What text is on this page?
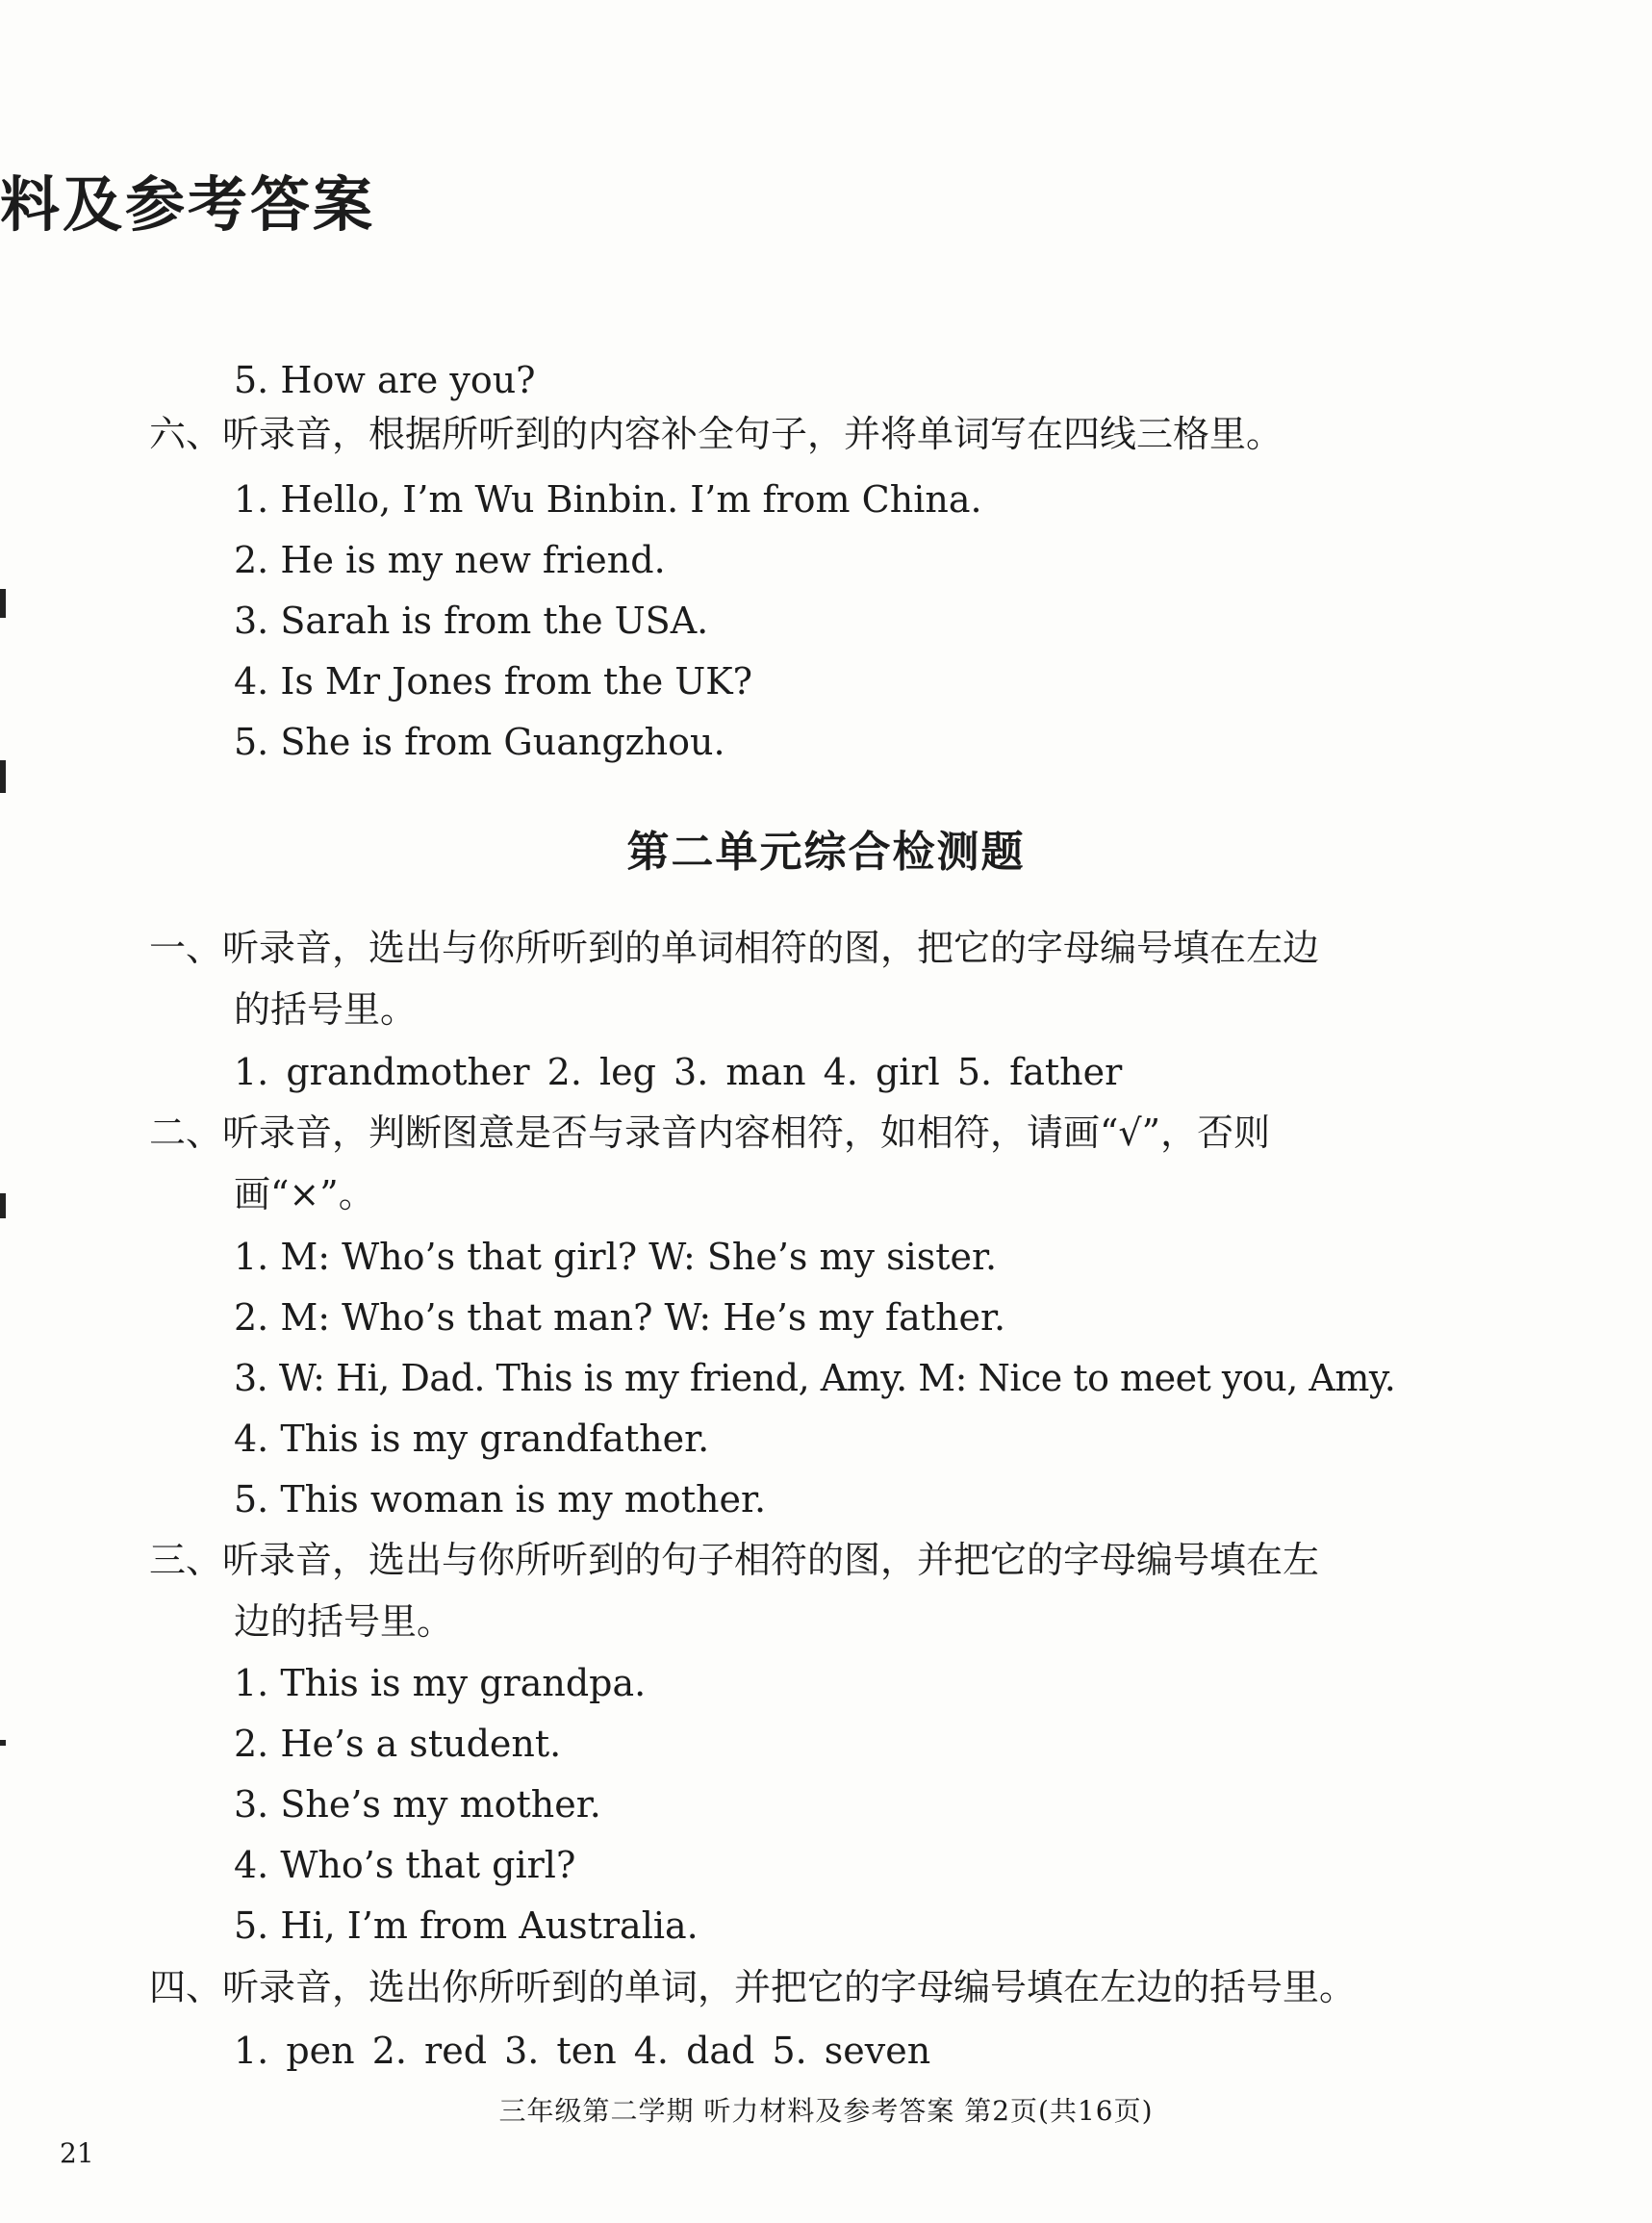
料及参考答案
5. How are you?
六、听录音，根据所听到的内容补全句子，并将单词写在四线三格里。
1. Hello, I’m Wu Binbin. I’m from China.
2. He is my new friend.
3. Sarah is from the USA.
4. Is Mr Jones from the UK?
5. She is from Guangzhou.
第二单元综合检测题
一、听录音，选出与你所听到的单词相符的图，把它的字母编号填在左边
的括号里。
1. grandmother 2. leg 3. man 4. girl 5. father
二、听录音，判断图意是否与录音内容相符，如相符，请画“√”，否则
画“×”。
1. M: Who’s that girl? W: She’s my sister.
2. M: Who’s that man? W: He’s my father.
3. W: Hi, Dad. This is my friend, Amy. M: Nice to meet you, Amy.
4. This is my grandfather.
5. This woman is my mother.
三、听录音，选出与你所听到的句子相符的图，并把它的字母编号填在左
边的括号里。
1. This is my grandpa.
2. He’s a student.
3. She’s my mother.
4. Who’s that girl?
5. Hi, I’m from Australia.
四、听录音，选出你所听到的单词，并把它的字母编号填在左边的括号里。
1. pen 2. red 3. ten 4. dad 5. seven
三年级第二学期 听力材料及参考答案 第2页(共16页)
21
